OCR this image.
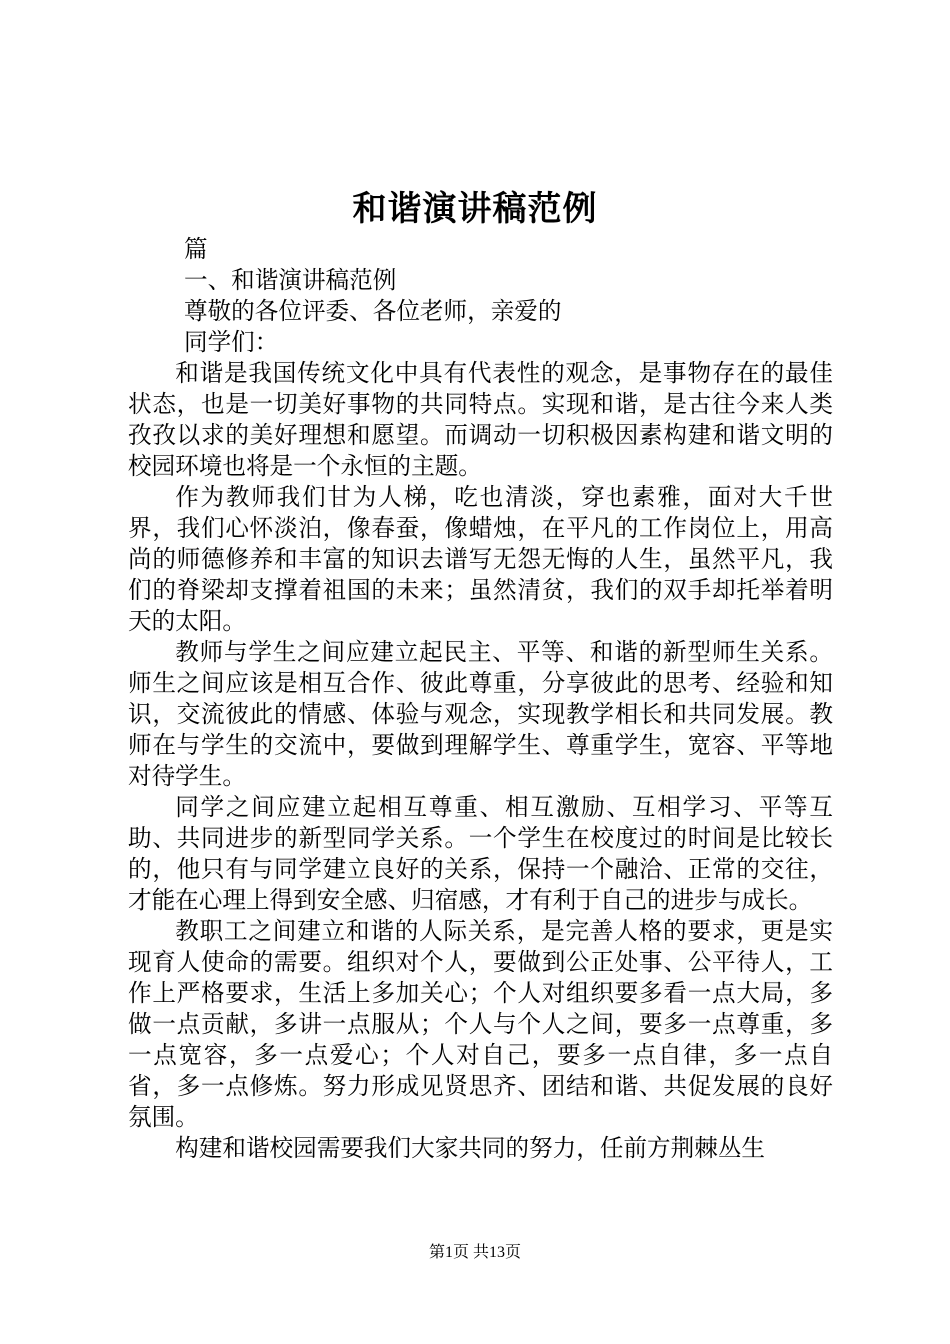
和谐演讲稿范例

篇

一、和谐演讲稿范例

尊敬的各位评委、各位老师，亲爱的

同学们：

和谐是我国传统文化中具有代表性的观念，是事物存在的最佳状态，也是一切美好事物的共同特点。实现和谐，是古往今来人类孜孜以求的美好理想和愿望。而调动一切积极因素构建和谐文明的校园环境也将是一个永恒的主题。

作为教师我们甘为人梯，吃也清淡，穿也素雅，面对大千世界，我们心怀淡泊，像春蚕，像蜡烛，在平凡的工作岗位上，用高尚的师德修养和丰富的知识去谱写无怨无悔的人生，虽然平凡，我们的脊梁却支撑着祖国的未来；虽然清贫，我们的双手却托举着明天的太阳。

教师与学生之间应建立起民主、平等、和谐的新型师生关系。师生之间应该是相互合作、彼此尊重，分享彼此的思考、经验和知识，交流彼此的情感、体验与观念，实现教学相长和共同发展。教师在与学生的交流中，要做到理解学生、尊重学生，宽容、平等地对待学生。

同学之间应建立起相互尊重、相互激励、互相学习、平等互助、共同进步的新型同学关系。一个学生在校度过的时间是比较长的，他只有与同学建立良好的关系，保持一个融洽、正常的交往，才能在心理上得到安全感、归宿感，才有利于自己的进步与成长。

教职工之间建立和谐的人际关系，是完善人格的要求，更是实现育人使命的需要。组织对个人，要做到公正处事、公平待人，工作上严格要求，生活上多加关心；个人对组织要多看一点大局，多做一点贡献，多讲一点服从；个人与个人之间，要多一点尊重，多一点宽容，多一点爱心；个人对自己，要多一点自律，多一点自省，多一点修炼。努力形成见贤思齐、团结和谐、共促发展的良好氛围。

构建和谐校园需要我们大家共同的努力，任前方荆棘丛生

第1页 共13页
